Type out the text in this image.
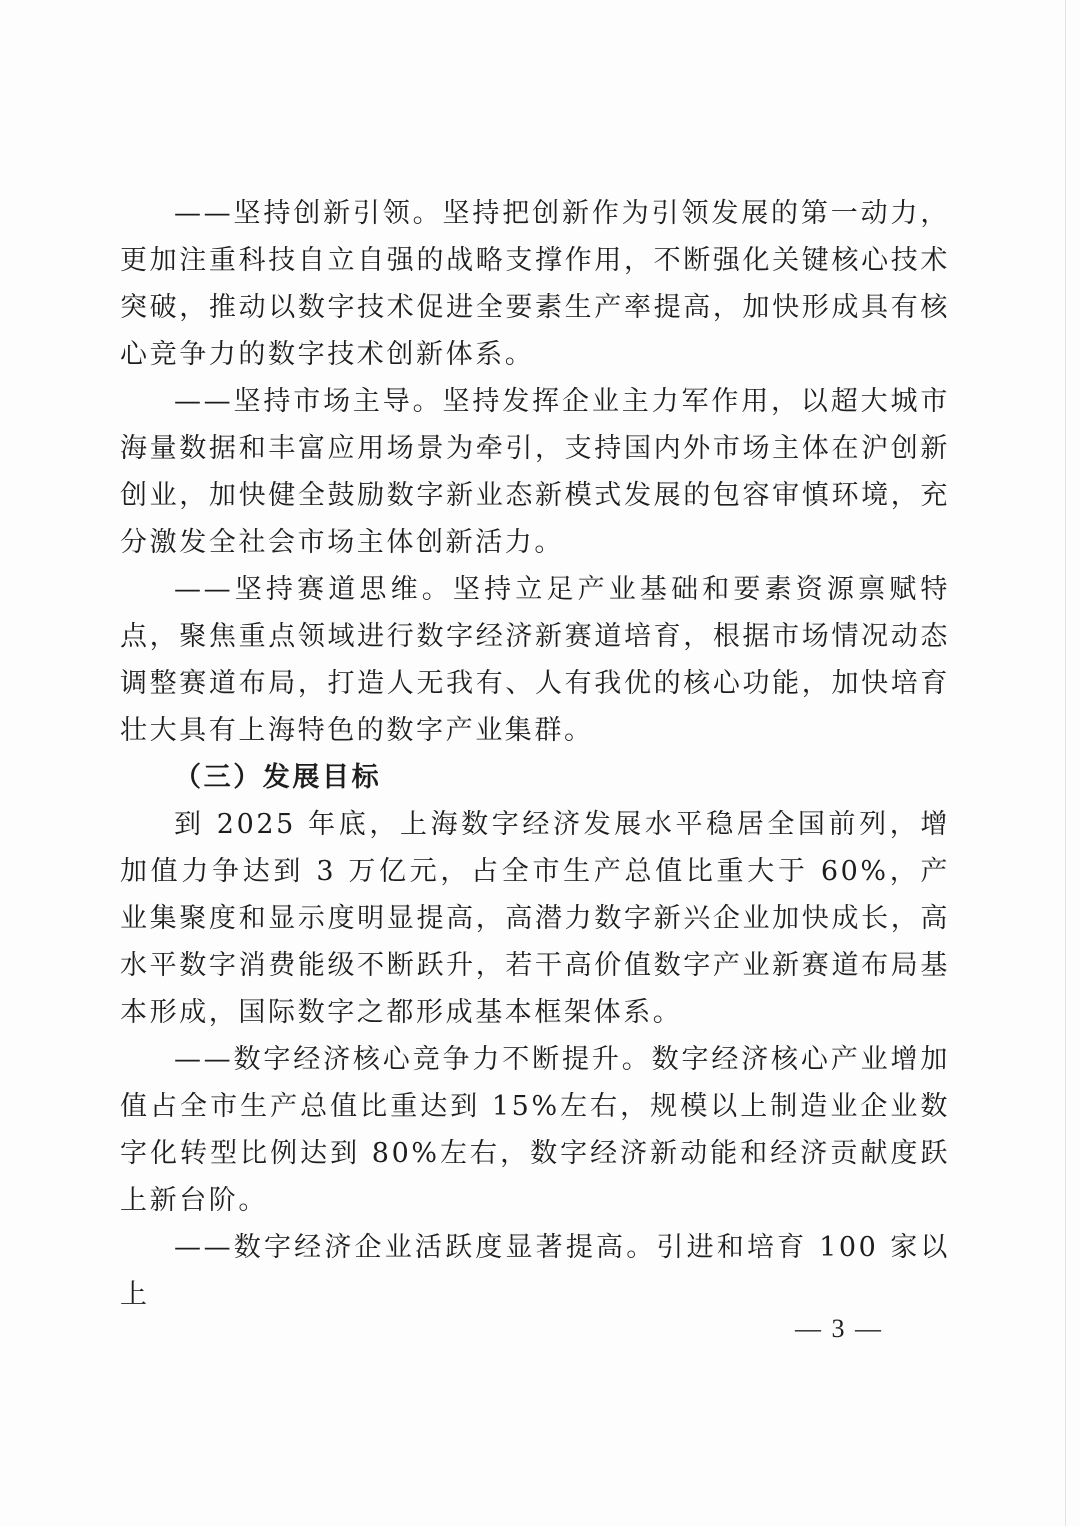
——坚持创新引领。坚持把创新作为引领发展的第一动力，更加注重科技自立自强的战略支撑作用，不断强化关键核心技术突破，推动以数字技术促进全要素生产率提高，加快形成具有核心竞争力的数字技术创新体系。

——坚持市场主导。坚持发挥企业主力军作用，以超大城市海量数据和丰富应用场景为牵引，支持国内外市场主体在沪创新创业，加快健全鼓励数字新业态新模式发展的包容审慎环境，充分激发全社会市场主体创新活力。

——坚持赛道思维。坚持立足产业基础和要素资源禀赋特点，聚焦重点领域进行数字经济新赛道培育，根据市场情况动态调整赛道布局，打造人无我有、人有我优的核心功能，加快培育壮大具有上海特色的数字产业集群。

（三）发展目标

到 2025 年底，上海数字经济发展水平稳居全国前列，增加值力争达到 3 万亿元，占全市生产总值比重大于 60%，产业集聚度和显示度明显提高，高潜力数字新兴企业加快成长，高水平数字消费能级不断跃升，若干高价值数字产业新赛道布局基本形成，国际数字之都形成基本框架体系。

——数字经济核心竞争力不断提升。数字经济核心产业增加值占全市生产总值比重达到 15%左右，规模以上制造业企业数字化转型比例达到 80%左右，数字经济新动能和经济贡献度跃上新台阶。

——数字经济企业活跃度显著提高。引进和培育 100 家以上

— 3 —
